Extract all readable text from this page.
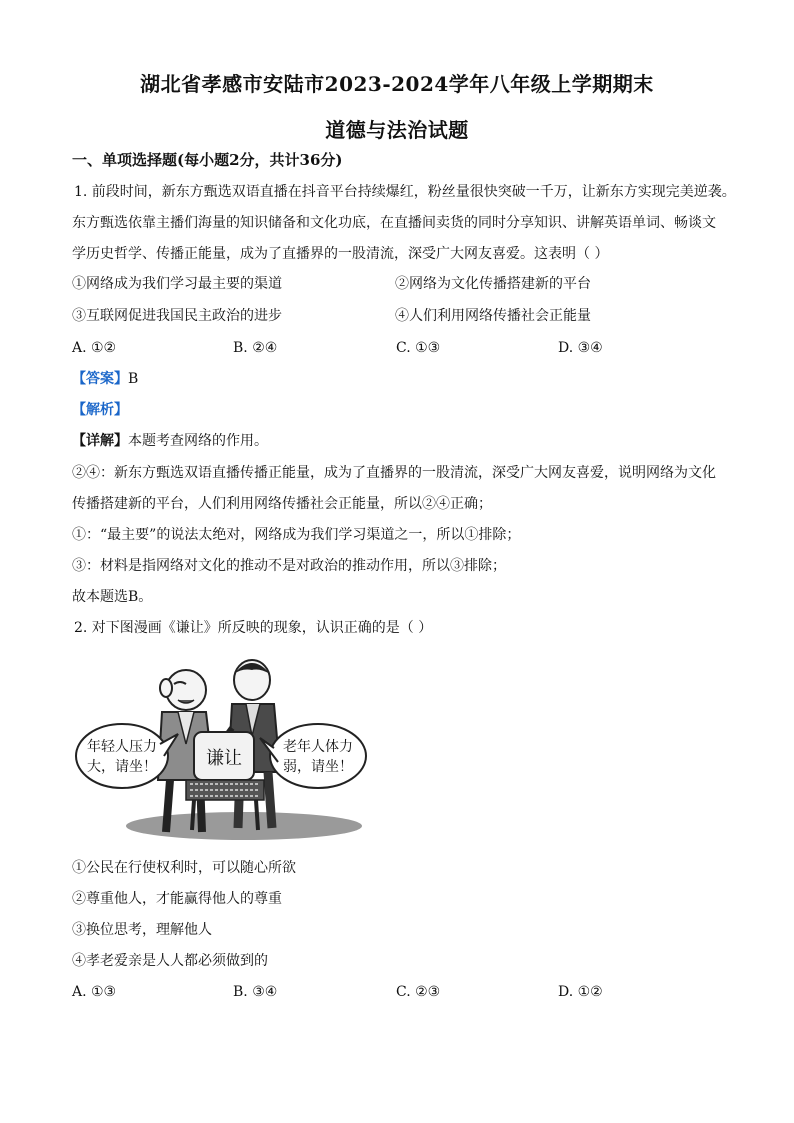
湖北省孝感市安陆市2023-2024学年八年级上学期期末
道德与法治试题
一、单项选择题(每小题2分，共计36分)
1. 前段时间，新东方甄选双语直播在抖音平台持续爆红，粉丝量很快突破一千万，让新东方实现完美逆袭。
东方甄选依靠主播们海量的知识储备和文化功底，在直播间卖货的同时分享知识、讲解英语单词、畅谈文
学历史哲学、传播正能量，成为了直播界的一股清流，深受广大网友喜爱。这表明（ ）
①网络成为我们学习最主要的渠道	②网络为文化传播搭建新的平台
③互联网促进我国民主政治的进步	④人们利用网络传播社会正能量
A. ①②	B. ②④	C. ①③	D. ③④
【答案】B
【解析】
【详解】本题考查网络的作用。
②④：新东方甄选双语直播传播正能量，成为了直播界的一股清流，深受广大网友喜爱，说明网络为文化
传播搭建新的平台，人们利用网络传播社会正能量，所以②④正确；
①：“最主要”的说法太绝对，网络成为我们学习渠道之一，所以①排除；
③：材料是指网络对文化的推动不是对政治的推动作用，所以③排除；
故本题选B。
2. 对下图漫画《谦让》所反映的现象，认识正确的是（ ）
谦让
年轻人压力
大，请坐！
老年人体力
弱，请坐！
①公民在行使权利时，可以随心所欲
②尊重他人，才能赢得他人的尊重
③换位思考，理解他人
④孝老爱亲是人人都必须做到的
A. ①③	B. ③④	C. ②③	D. ①②
